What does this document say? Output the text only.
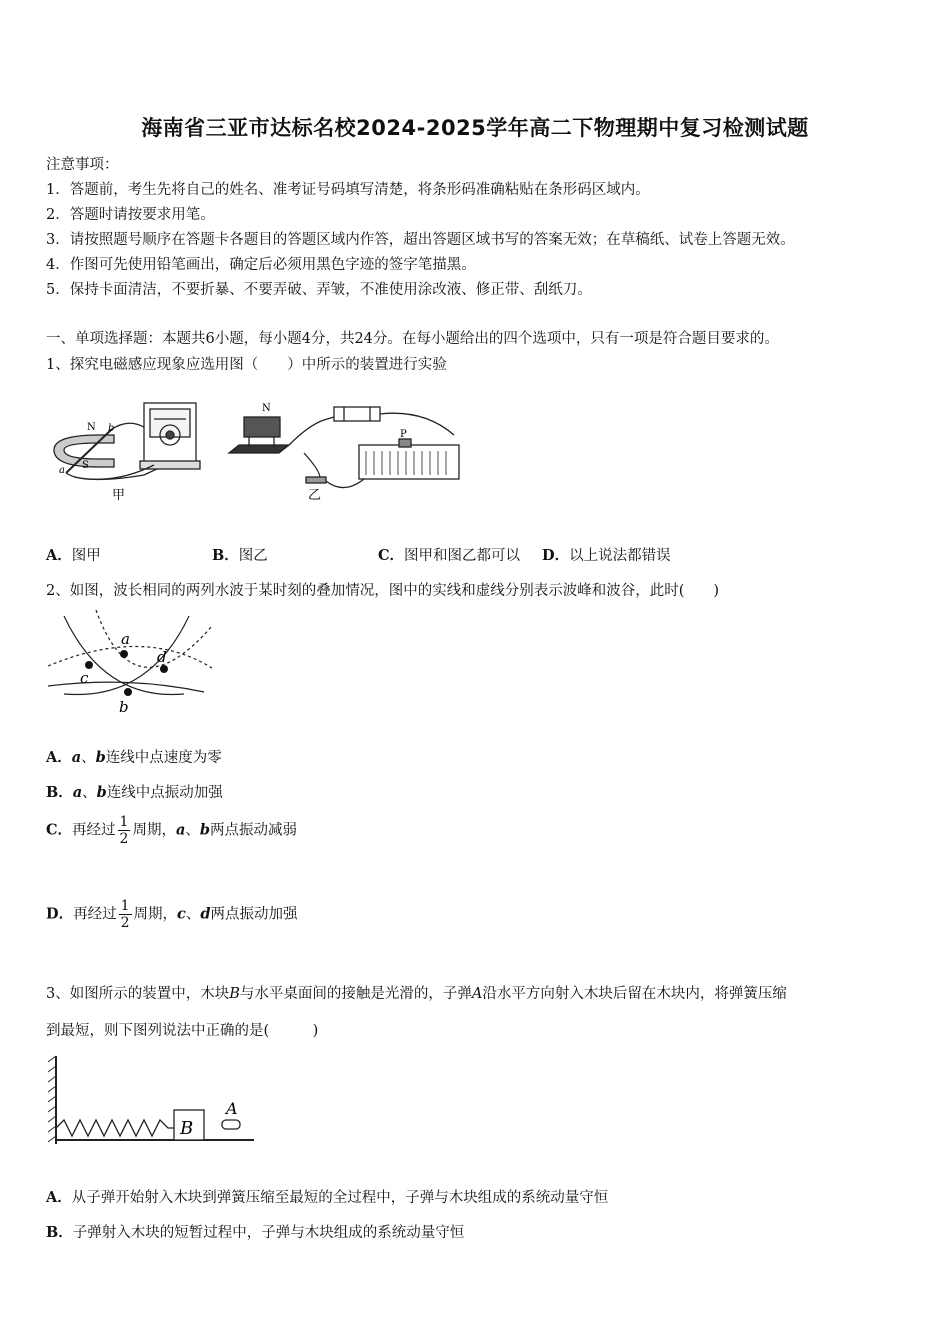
海南省三亚市达标名校2024-2025学年高二下物理期中复习检测试题
注意事项：
1．答题前，考生先将自己的姓名、准考证号码填写清楚，将条形码准确粘贴在条形码区域内。
2．答题时请按要求用笔。
3．请按照题号顺序在答题卡各题目的答题区域内作答，超出答题区域书写的答案无效；在草稿纸、试卷上答题无效。
4．作图可先使用铅笔画出，确定后必须用黑色字迹的签字笔描黑。
5．保持卡面清洁，不要折暴、不要弄破、弄皱，不准使用涂改液、修正带、刮纸刀。
一、单项选择题：本题共6小题，每小题4分，共24分。在每小题给出的四个选项中，只有一项是符合题目要求的。
1、探究电磁感应现象应选用图（　　）中所示的装置进行实验
N
S
a
b
甲
N
P
乙
A．图甲	B．图乙	C．图甲和图乙都可以 D．以上说法都错误
2、如图，波长相同的两列水波于某时刻的叠加情况，图中的实线和虚线分别表示波峰和波谷，此时(　　)
a
c
d
b
A．a、b连线中点速度为零
B．a、b连线中点振动加强
C．再经过 $\frac{1}{2}$ 周期，a、b两点振动减弱
D．再经过 $\frac{1}{2}$ 周期，c、d两点振动加强
3、如图所示的装置中，木块B与水平桌面间的接触是光滑的，子弹A沿水平方向射入木块后留在木块内，将弹簧压缩
到最短，则下图列说法中正确的是(　　　)
B
A
A．从子弹开始射入木块到弹簧压缩至最短的全过程中，子弹与木块组成的系统动量守恒
B．子弹射入木块的短暂过程中，子弹与木块组成的系统动量守恒
